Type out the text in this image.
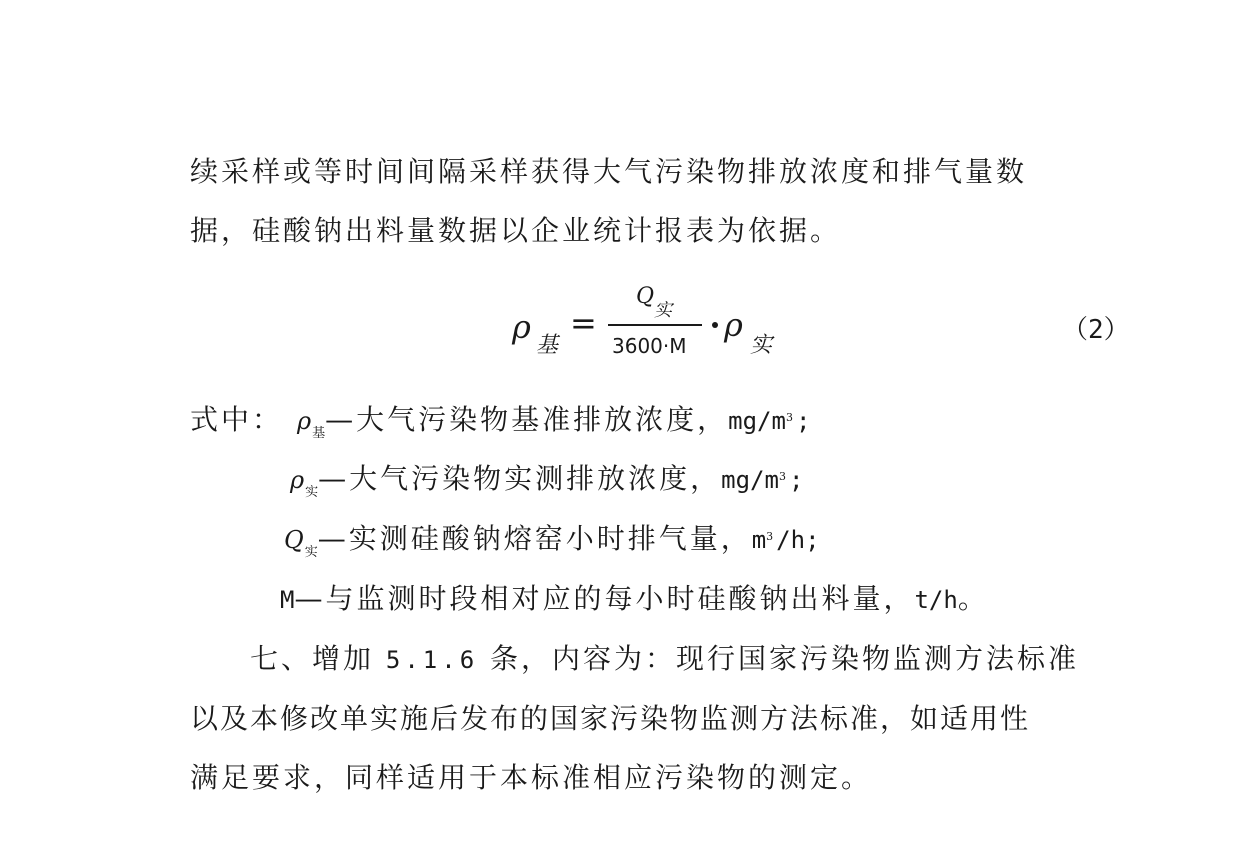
续采样或等时间间隔采样获得大气污染物排放浓度和排气量数
据，硅酸钠出料量数据以企业统计报表为依据。
ρ 基
=
Q
实
3600·M
ρ
实
（2）
式中： $\rho_基—$大气污染物基准排放浓度，$mg/m^3$;
$\rho_实—$大气污染物实测排放浓度，$mg/m^3$;
$Q_实—$实测硅酸钠熔窑小时排气量，$m^3/h$;
M—与监测时段相对应的每小时硅酸钠出料量，t/h。
七、增加 5.1.6 条，内容为：现行国家污染物监测方法标准
以及本修改单实施后发布的国家污染物监测方法标准，如适用性
满足要求，同样适用于本标准相应污染物的测定。
